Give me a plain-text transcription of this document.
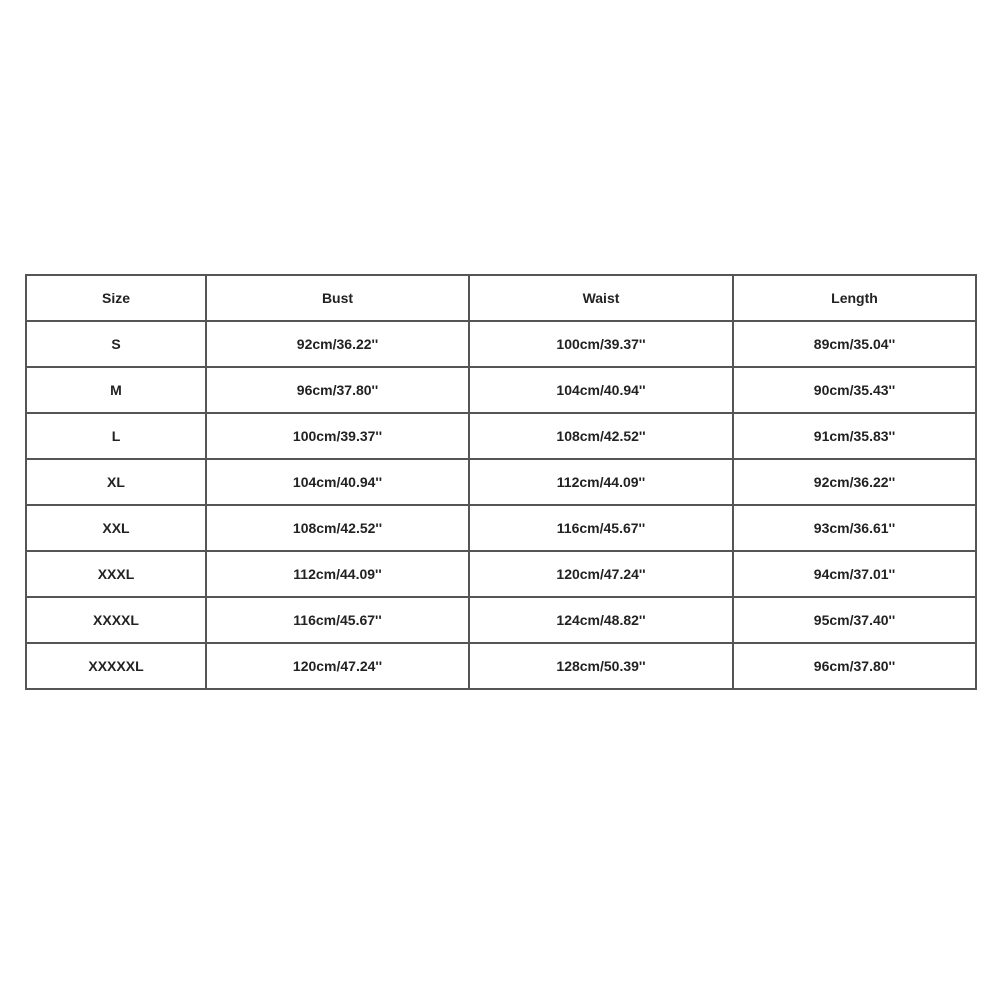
Size	Bust	Waist	Length
S	92cm/36.22''	100cm/39.37''	89cm/35.04''
M	96cm/37.80''	104cm/40.94''	90cm/35.43''
L	100cm/39.37''	108cm/42.52''	91cm/35.83''
XL	104cm/40.94''	112cm/44.09''	92cm/36.22''
XXL	108cm/42.52''	116cm/45.67''	93cm/36.61''
XXXL	112cm/44.09''	120cm/47.24''	94cm/37.01''
XXXXL	116cm/45.67''	124cm/48.82''	95cm/37.40''
XXXXXL	120cm/47.24''	128cm/50.39''	96cm/37.80''
